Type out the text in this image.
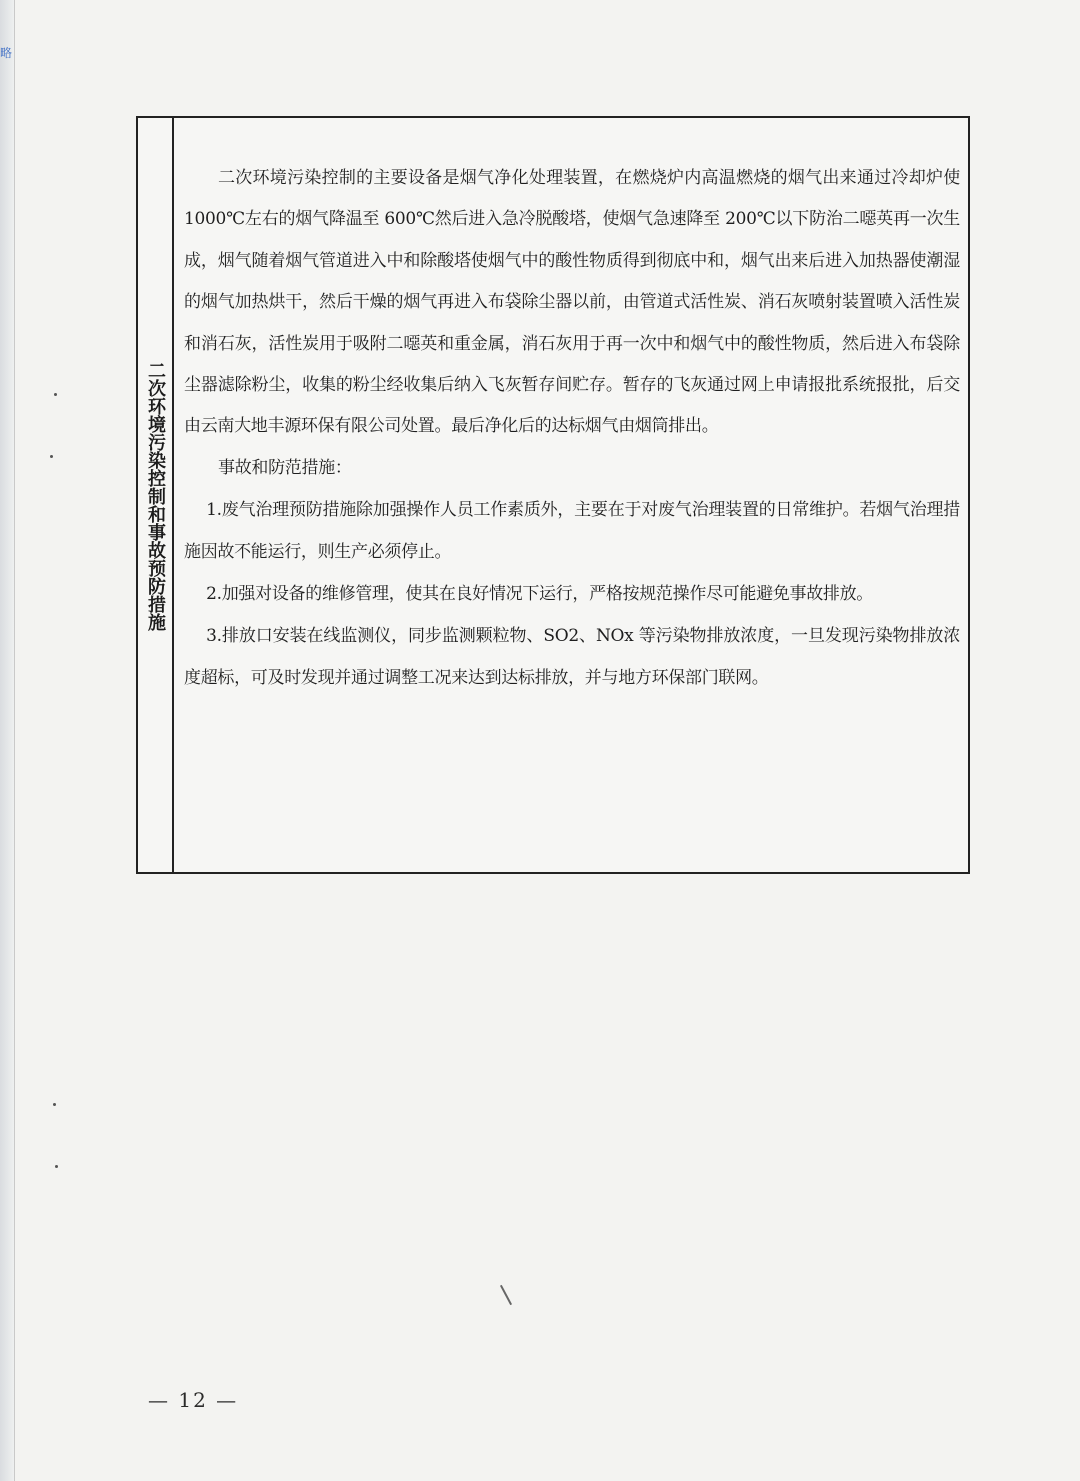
略
二次环境污染控制和事故预防措施

二次环境污染控制的主要设备是烟气净化处理装置，在燃烧炉内高温燃烧的烟气出来通过冷却炉使 1000℃左右的烟气降温至 600℃然后进入急冷脱酸塔，使烟气急速降至 200℃以下防治二噁英再一次生成，烟气随着烟气管道进入中和除酸塔使烟气中的酸性物质得到彻底中和，烟气出来后进入加热器使潮湿的烟气加热烘干，然后干燥的烟气再进入布袋除尘器以前，由管道式活性炭、消石灰喷射装置喷入活性炭和消石灰，活性炭用于吸附二噁英和重金属，消石灰用于再一次中和烟气中的酸性物质，然后进入布袋除尘器滤除粉尘，收集的粉尘经收集后纳入飞灰暂存间贮存。暂存的飞灰通过网上申请报批系统报批，后交由云南大地丰源环保有限公司处置。最后净化后的达标烟气由烟筒排出。

事故和防范措施：

1.废气治理预防措施除加强操作人员工作素质外，主要在于对废气治理装置的日常维护。若烟气治理措施因故不能运行，则生产必须停止。

2.加强对设备的维修管理，使其在良好情况下运行，严格按规范操作尽可能避免事故排放。

3.排放口安装在线监测仪，同步监测颗粒物、SO2、NOx 等污染物排放浓度，一旦发现污染物排放浓度超标，可及时发现并通过调整工况来达到达标排放，并与地方环保部门联网。

— 12 —
